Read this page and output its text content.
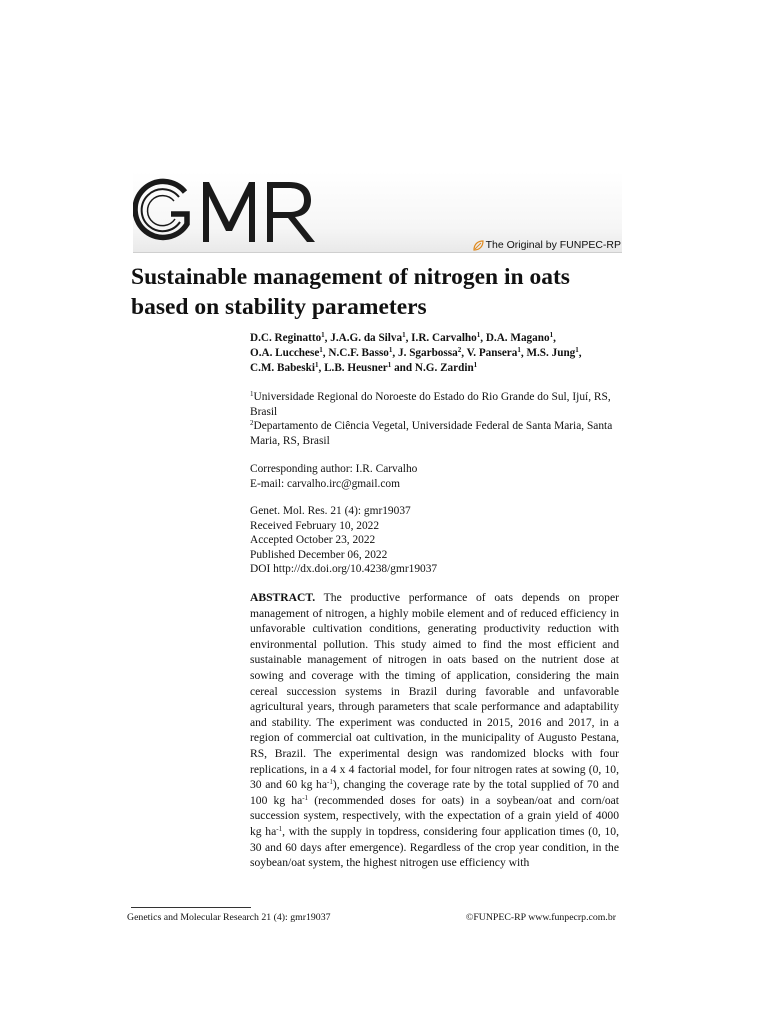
The Original by FUNPEC-RP
Sustainable management of nitrogen in oats
based on stability parameters
D.C. Reginatto$^1$, J.A.G. da Silva$^1$, I.R. Carvalho$^1$, D.A. Magano$^1$,
O.A. Lucchese$^1$, N.C.F. Basso$^1$, J. Sgarbossa$^2$, V. Pansera$^1$, M.S. Jung$^1$,
C.M. Babeski$^1$, L.B. Heusner$^1$ and N.G. Zardin$^1$

$^1$Universidade Regional do Noroeste do Estado do Rio Grande do Sul, Ijuí, RS, Brasil

$^2$Departamento de Ciência Vegetal, Universidade Federal de Santa Maria, Santa Maria, RS, Brasil

Corresponding author: I.R. Carvalho
E-mail: carvalho.irc@gmail.com
Genet. Mol. Res. 21 (4): gmr19037
Received February 10, 2022
Accepted October 23, 2022
Published December 06, 2022
DOI http://dx.doi.org/10.4238/gmr19037

ABSTRACT. The productive performance of oats depends on proper management of nitrogen, a highly mobile element and of reduced efficiency in unfavorable cultivation conditions, generating productivity reduction with environmental pollution. This study aimed to find the most efficient and sustainable management of nitrogen in oats based on the nutrient dose at sowing and coverage with the timing of application, considering the main cereal succession systems in Brazil during favorable and unfavorable agricultural years, through parameters that scale performance and adaptability and stability. The experiment was conducted in 2015, 2016 and 2017, in a region of commercial oat cultivation, in the municipality of Augusto Pestana, RS, Brazil. The experimental design was randomized blocks with four replications, in a 4 x 4 factorial model, for four nitrogen rates at sowing (0, 10, 30 and 60 kg $ha^{-1}$), changing the coverage rate by the total supplied of 70 and 100 kg $ha^{-1}$ (recommended doses for oats) in a soybean/oat and corn/oat succession system, respectively, with the expectation of a grain yield of 4000 kg $ha^{-1}$, with the supply in topdress, considering four application times (0, 10, 30 and 60 days after emergence). Regardless of the crop year condition, in the soybean/oat system, the highest nitrogen use efficiency with

Genetics and Molecular Research 21 (4): gmr19037	©FUNPEC-RP www.funpecrp.com.br
